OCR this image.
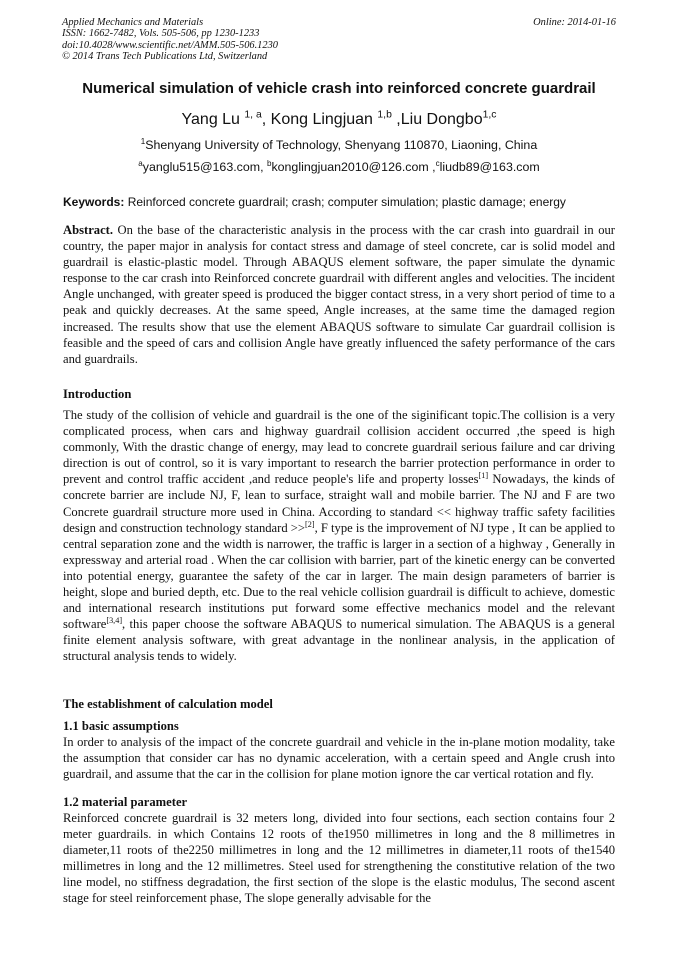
Applied Mechanics and Materials
ISSN: 1662-7482, Vols. 505-506, pp 1230-1233
doi:10.4028/www.scientific.net/AMM.505-506.1230
© 2014 Trans Tech Publications Ltd, Switzerland
Online: 2014-01-16
Numerical simulation of vehicle crash into reinforced concrete guardrail
Yang Lu $^{1, a}$, Kong Lingjuan $^{1,b}$ ,Liu Dongbo$^{1,c}$
$^1$Shenyang University of Technology, Shenyang 110870, Liaoning, China
$^a$yanglu515@163.com, $^b$konglingjuan2010@126.com ,$^c$liudb89@163.com
Keywords: Reinforced concrete guardrail; crash; computer simulation; plastic damage; energy
Abstract. On the base of the characteristic analysis in the process with the car crash into guardrail in our country, the paper major in analysis for contact stress and damage of steel concrete, car is solid model and guardrail is elastic-plastic model. Through ABAQUS element software, the paper simulate the dynamic response to the car crash into Reinforced concrete guardrail with different angles and velocities. The incident Angle unchanged, with greater speed is produced the bigger contact stress, in a very short period of time to a peak and quickly decreases. At the same speed, Angle increases, at the same time the damaged region increased. The results show that use the element ABAQUS software to simulate Car guardrail collision is feasible and the speed of cars and collision Angle have greatly influenced the safety performance of the cars and guardrails.
Introduction
The study of the collision of vehicle and guardrail is the one of the siginificant topic.The collision is a very complicated process, when cars and highway guardrail collision accident occurred ,the speed is high commonly, With the drastic change of energy, may lead to concrete guardrail serious failure and car driving direction is out of control, so it is vary important to research the barrier protection performance in order to prevent and control traffic accident ,and reduce people's life and property losses[1] Nowadays, the kinds of concrete barrier are include NJ, F, lean to surface, straight wall and mobile barrier. The NJ and F are two Concrete guardrail structure more used in China. According to standard << highway traffic safety facilities design and construction technology standard >>[2], F type is the improvement of NJ type , It can be applied to central separation zone and the width is narrower, the traffic is larger in a section of a highway , Generally in expressway and arterial road . When the car collision with barrier, part of the kinetic energy can be converted into potential energy, guarantee the safety of the car in larger. The main design parameters of barrier is height, slope and buried depth, etc. Due to the real vehicle collision guardrail is difficult to achieve, domestic and international research institutions put forward some effective mechanics model and the relevant software[3,4], this paper choose the software ABAQUS to numerical simulation. The ABAQUS is a general finite element analysis software, with great advantage in the nonlinear analysis, in the application of structural analysis tends to widely.
The establishment of calculation model
1.1 basic assumptions
In order to analysis of the impact of the concrete guardrail and vehicle in the in-plane motion modality, take the assumption that consider car has no dynamic acceleration, with a certain speed and Angle crush into guardrail, and assume that the car in the collision for plane motion ignore the car vertical rotation and fly.
1.2 material parameter
Reinforced concrete guardrail is 32 meters long, divided into four sections, each section contains four 2 meter guardrails. in which Contains 12 roots of the1950 millimetres in long and the 8 millimetres in diameter,11 roots of the2250 millimetres in long and the 12 millimetres in diameter,11 roots of the1540 millimetres in long and the 12 millimetres. Steel used for strengthening the constitutive relation of the two line model, no stiffness degradation, the first section of the slope is the elastic modulus, The second ascent stage for steel reinforcement phase, The slope generally advisable for the
